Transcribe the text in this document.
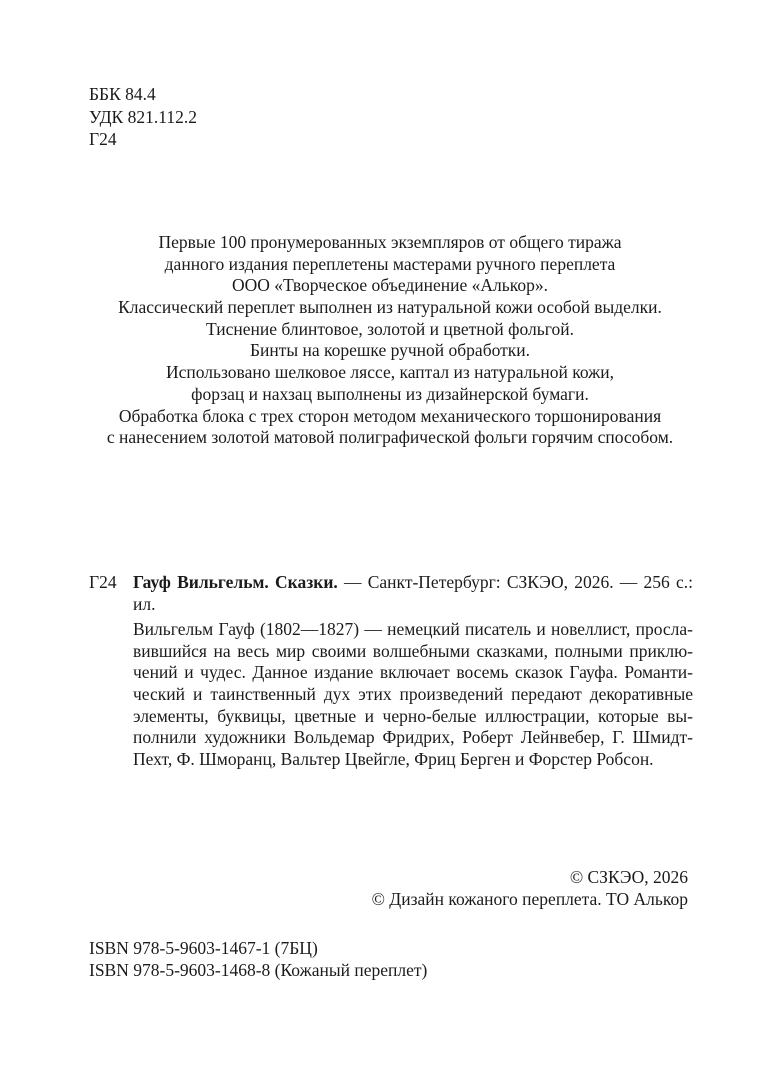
ББК 84.4
УДК 821.112.2
Г24
Первые 100 пронумерованных экземпляров от общего тиража
данного издания переплетены мастерами ручного переплета
ООО «Творческое объединение «Алькор».
Классический переплет выполнен из натуральной кожи особой выделки.
Тиснение блинтовое, золотой и цветной фольгой.
Бинты на корешке ручной обработки.
Использовано шелковое ляссе, каптал из натуральной кожи,
форзац и нахзац выполнены из дизайнерской бумаги.
Обработка блока с трех сторон методом механического торшонирования
с нанесением золотой матовой полиграфической фольги горячим способом.
Г24 Гауф Вильгельм. Сказки. — Санкт-Петербург: СЗКЭО, 2026. — 256 с.:
ил.
Вильгельм Гауф (1802—1827) — немецкий писатель и новеллист, просла-
вившийся на весь мир своими волшебными сказками, полными приклю-
чений и чудес. Данное издание включает восемь сказок Гауфа. Романти-
ческий и таинственный дух этих произведений передают декоративные
элементы, буквицы, цветные и черно-белые иллюстрации, которые вы-
полнили художники Вольдемар Фридрих, Роберт Лейнвебер, Г. Шмидт-
Пехт, Ф. Шморанц, Вальтер Цвейгле, Фриц Берген и Форстер Робсон.
© СЗКЭО, 2026
© Дизайн кожаного переплета. ТО Алькор
ISBN 978-5-9603-1467-1 (7БЦ)
ISBN 978-5-9603-1468-8 (Кожаный переплет)
